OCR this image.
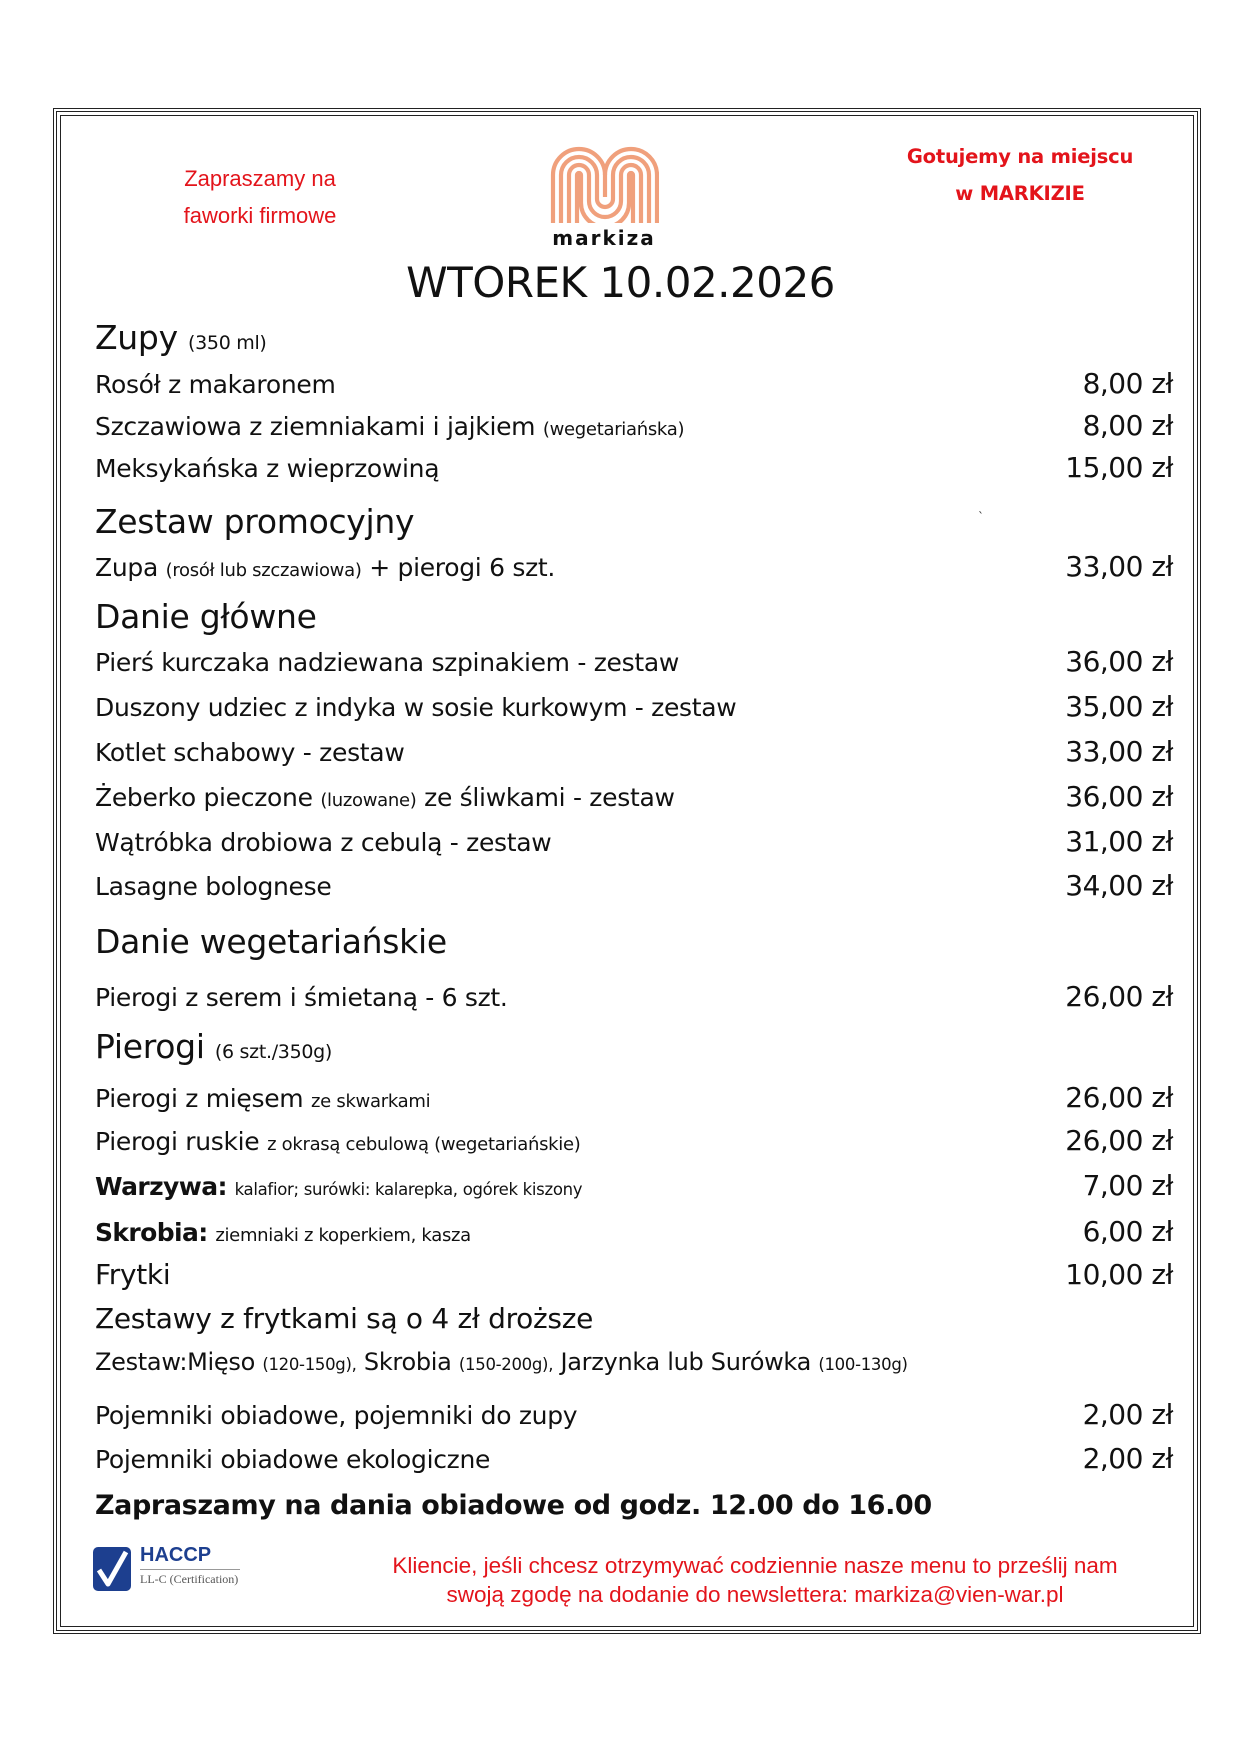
Zapraszamy na
faworki firmowe
markiza
Gotujemy na miejscu
w MARKIZIE
WTOREK 10.02.2026
Zupy (350 ml)
Rosół z makaronem	8,00 zł
Szczawiowa z ziemniakami i jajkiem (wegetariańska)	8,00 zł
Meksykańska z wieprzowiną	15,00 zł
Zestaw promocyjny	`
Zupa (rosół lub szczawiowa) + pierogi 6 szt.	33,00 zł
Danie główne
Pierś kurczaka nadziewana szpinakiem - zestaw	36,00 zł
Duszony udziec z indyka w sosie kurkowym - zestaw	35,00 zł
Kotlet schabowy - zestaw	33,00 zł
Żeberko pieczone (luzowane) ze śliwkami - zestaw	36,00 zł
Wątróbka drobiowa z cebulą - zestaw	31,00 zł
Lasagne bolognese	34,00 zł
Danie wegetariańskie
Pierogi z serem i śmietaną - 6 szt.	26,00 zł
Pierogi (6 szt./350g)
Pierogi z mięsem ze skwarkami	26,00 zł
Pierogi ruskie z okrasą cebulową (wegetariańskie)	26,00 zł
Warzywa: kalafior; surówki: kalarepka, ogórek kiszony	7,00 zł
Skrobia: ziemniaki z koperkiem, kasza	6,00 zł
Frytki	10,00 zł
Zestawy z frytkami są o 4 zł droższe
Zestaw:Mięso (120-150g), Skrobia (150-200g), Jarzynka lub Surówka (100-130g)
Pojemniki obiadowe, pojemniki do zupy	2,00 zł
Pojemniki obiadowe ekologiczne	2,00 zł
Zapraszamy na dania obiadowe od godz. 12.00 do 16.00
HACCP
LL-C (Certification)
Kliencie, jeśli chcesz otrzymywać codziennie nasze menu to prześlij nam
swoją zgodę na dodanie do newslettera: markiza@vien-war.pl
